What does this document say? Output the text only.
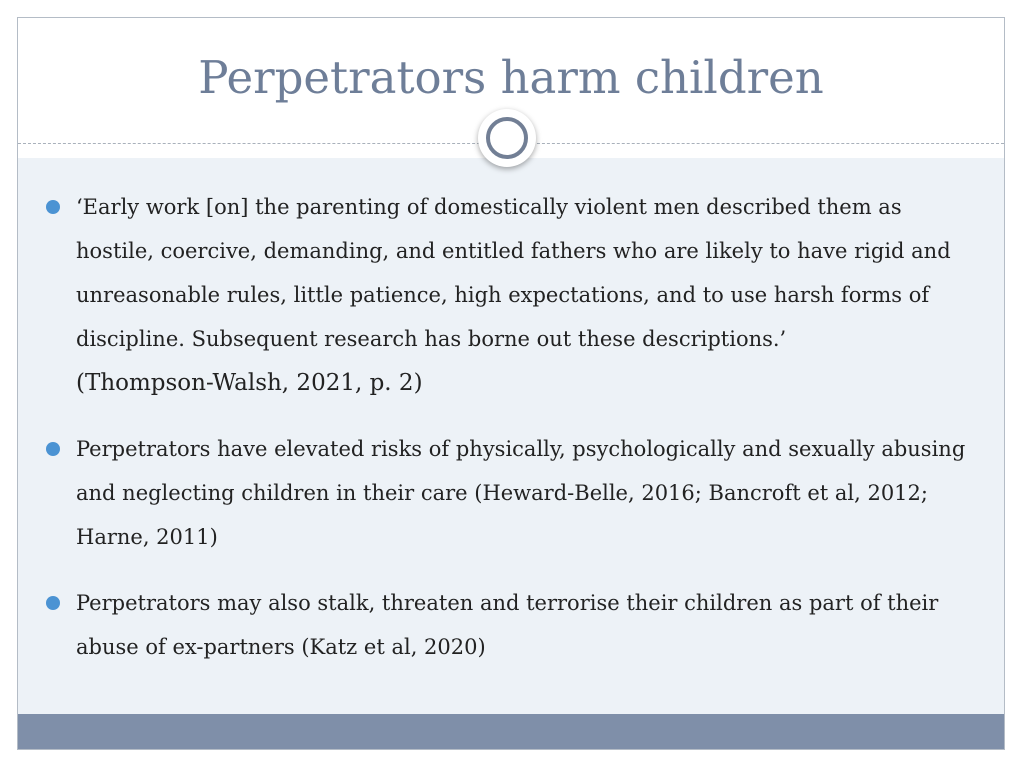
Perpetrators harm children
‘Early work [on] the parenting of domestically violent men described them as hostile, coercive, demanding, and entitled fathers who are likely to have rigid and unreasonable rules, little patience, high expectations, and to use harsh forms of discipline. Subsequent research has borne out these descriptions.’
(Thompson-Walsh, 2021, p. 2)
Perpetrators have elevated risks of physically, psychologically and sexually abusing and neglecting children in their care (Heward-Belle, 2016; Bancroft et al, 2012; Harne, 2011)
Perpetrators may also stalk, threaten and terrorise their children as part of their abuse of ex-partners (Katz et al, 2020)
